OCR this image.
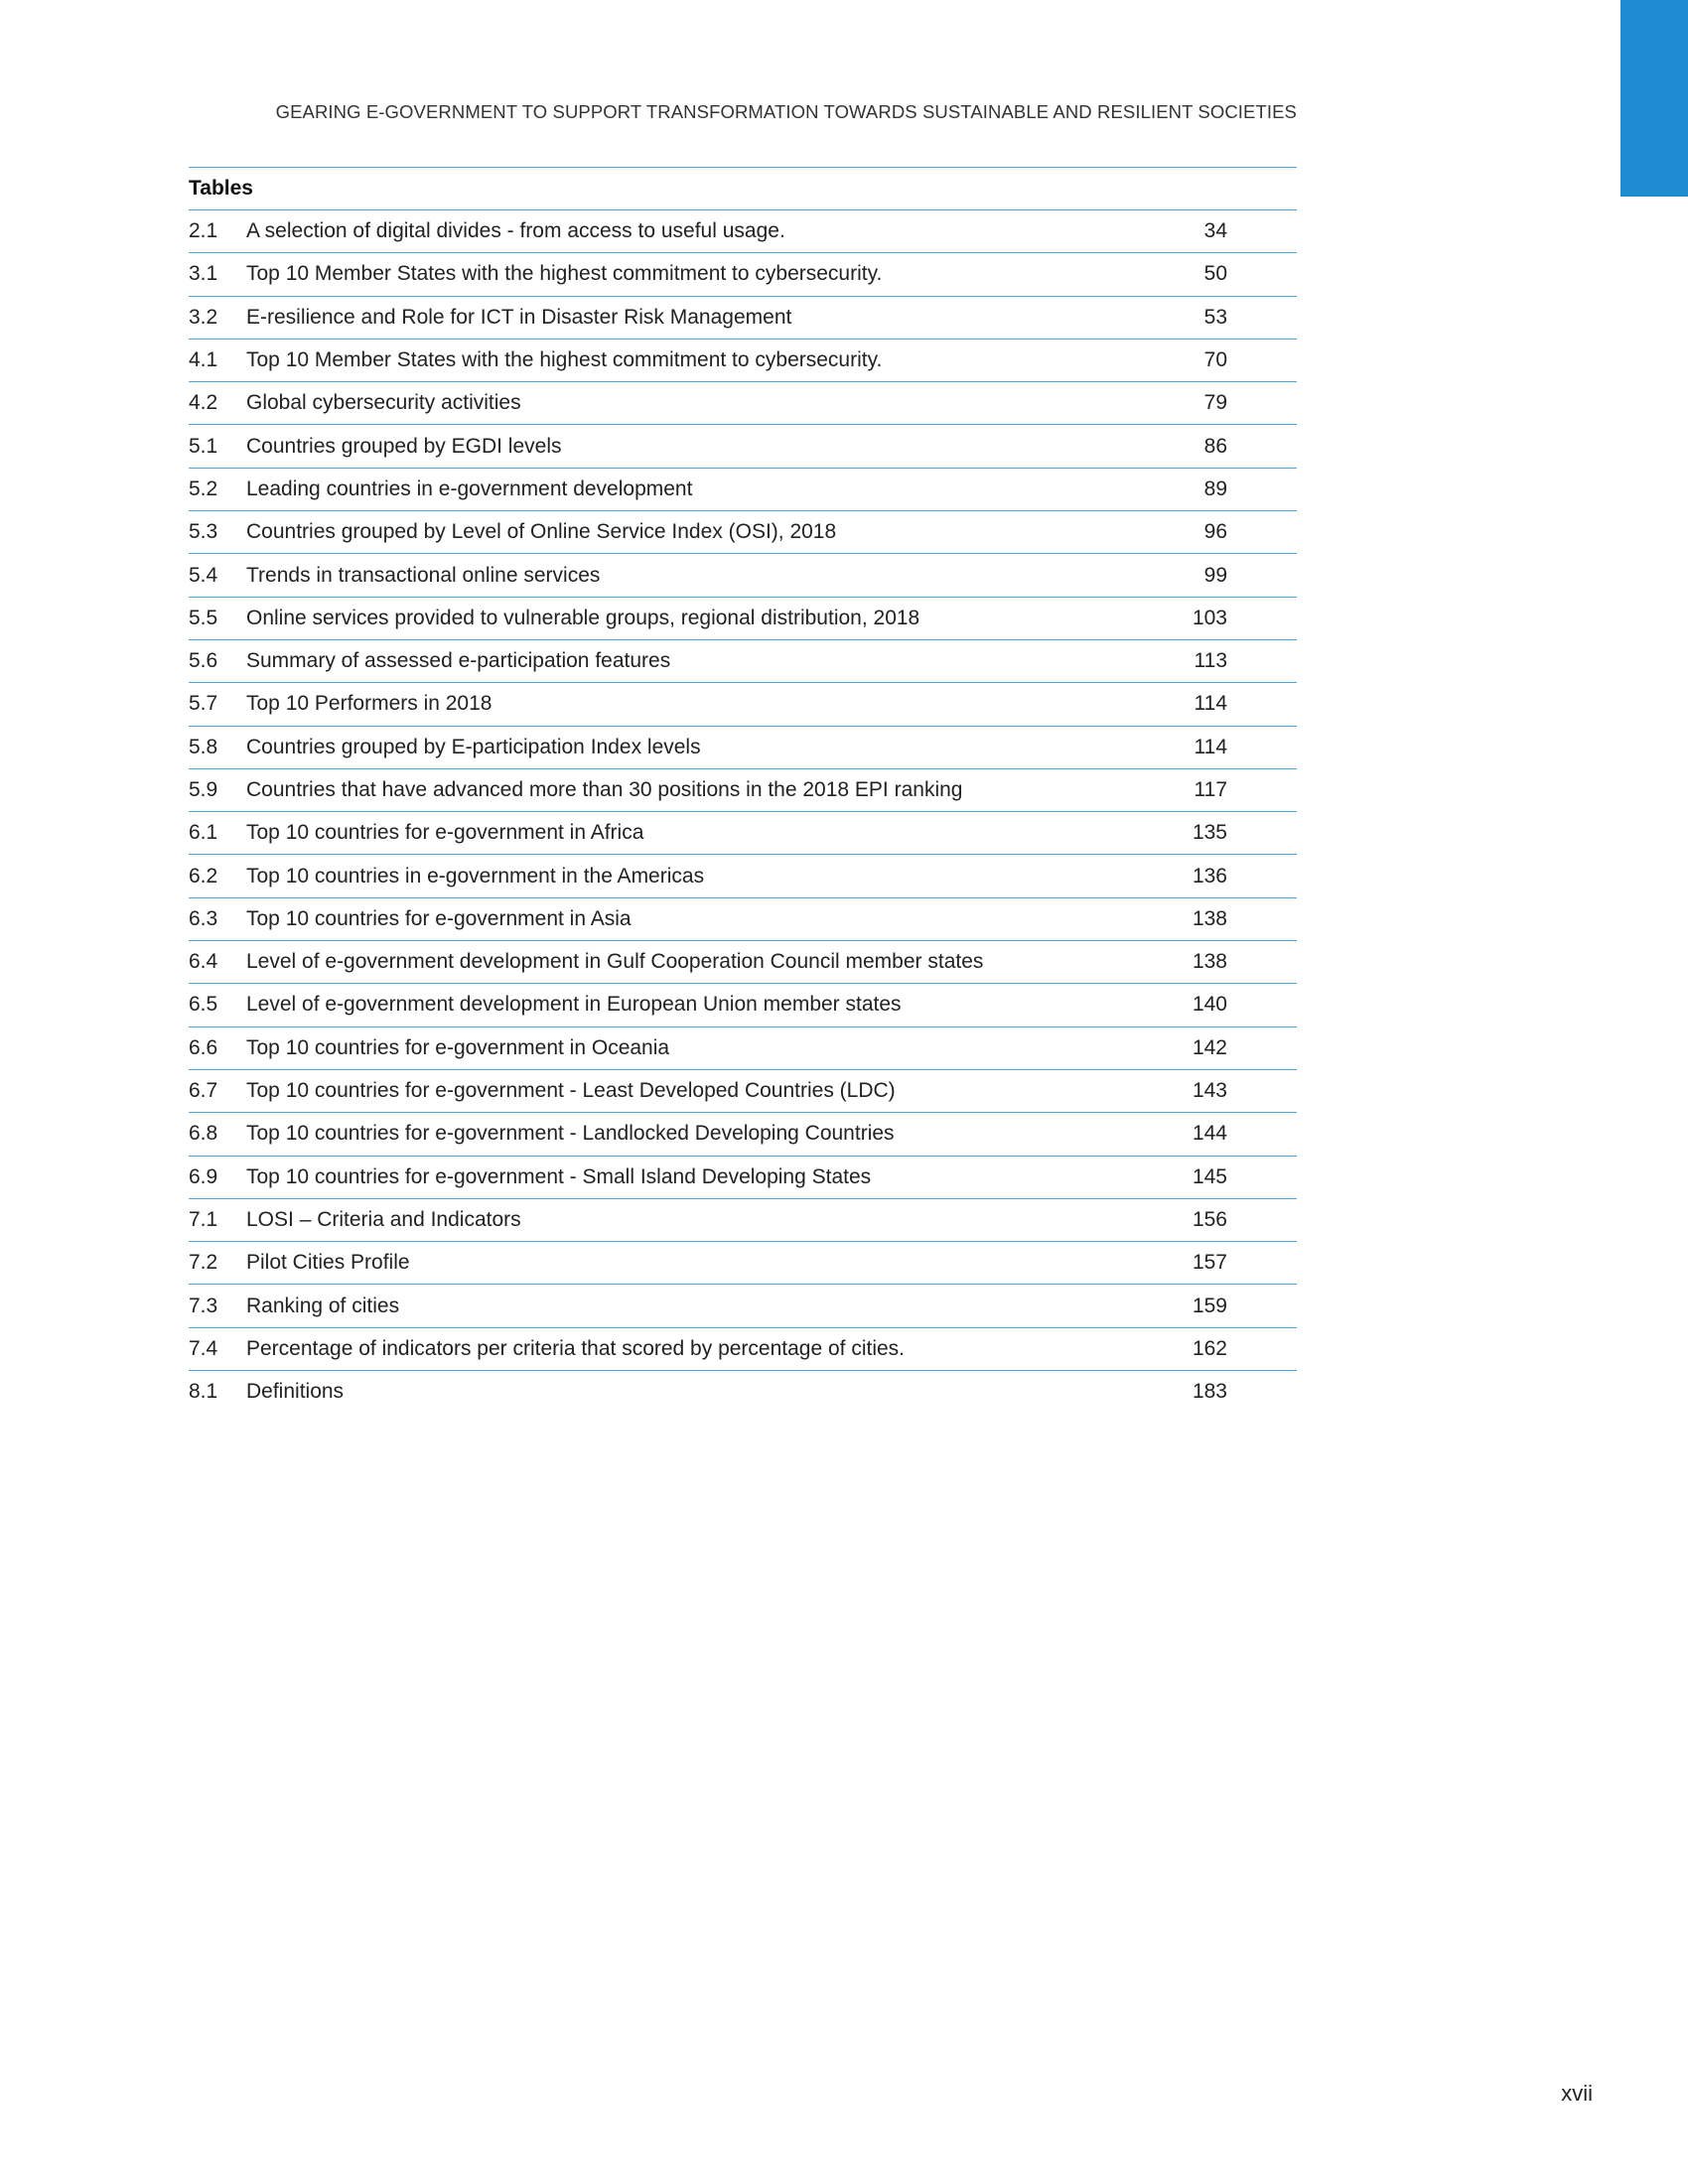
GEARING E-GOVERNMENT TO SUPPORT TRANSFORMATION TOWARDS SUSTAINABLE AND RESILIENT SOCIETIES
Tables
2.1	A selection of digital divides - from access to useful usage.	34
3.1	Top 10 Member States with the highest commitment to cybersecurity.	50
3.2	E-resilience and Role for ICT in Disaster Risk Management	53
4.1	Top 10 Member States with the highest commitment to cybersecurity.	70
4.2	Global cybersecurity activities	79
5.1	Countries grouped by EGDI levels	86
5.2	Leading countries in e-government development	89
5.3	Countries grouped by Level of Online Service Index (OSI), 2018	96
5.4	Trends in transactional online services	99
5.5	Online services provided to vulnerable groups, regional distribution, 2018	103
5.6	Summary of assessed e-participation features	113
5.7	Top 10 Performers in 2018	114
5.8	Countries grouped by E-participation Index levels	114
5.9	Countries that have advanced more than 30 positions in the 2018 EPI ranking	117
6.1	Top 10 countries for e-government in Africa	135
6.2	Top 10 countries in e-government in the Americas	136
6.3	Top 10 countries for e-government in Asia	138
6.4	Level of e-government development in Gulf Cooperation Council member states	138
6.5	Level of e-government development in European Union member states	140
6.6	Top 10 countries for e-government in Oceania	142
6.7	Top 10 countries for e-government - Least Developed Countries (LDC)	143
6.8	Top 10 countries for e-government - Landlocked Developing Countries	144
6.9	Top 10 countries for e-government - Small Island Developing States	145
7.1	LOSI – Criteria and Indicators	156
7.2	Pilot Cities Profile	157
7.3	Ranking of cities	159
7.4	Percentage of indicators per criteria that scored by percentage of cities.	162
8.1	Definitions	183
xvii
